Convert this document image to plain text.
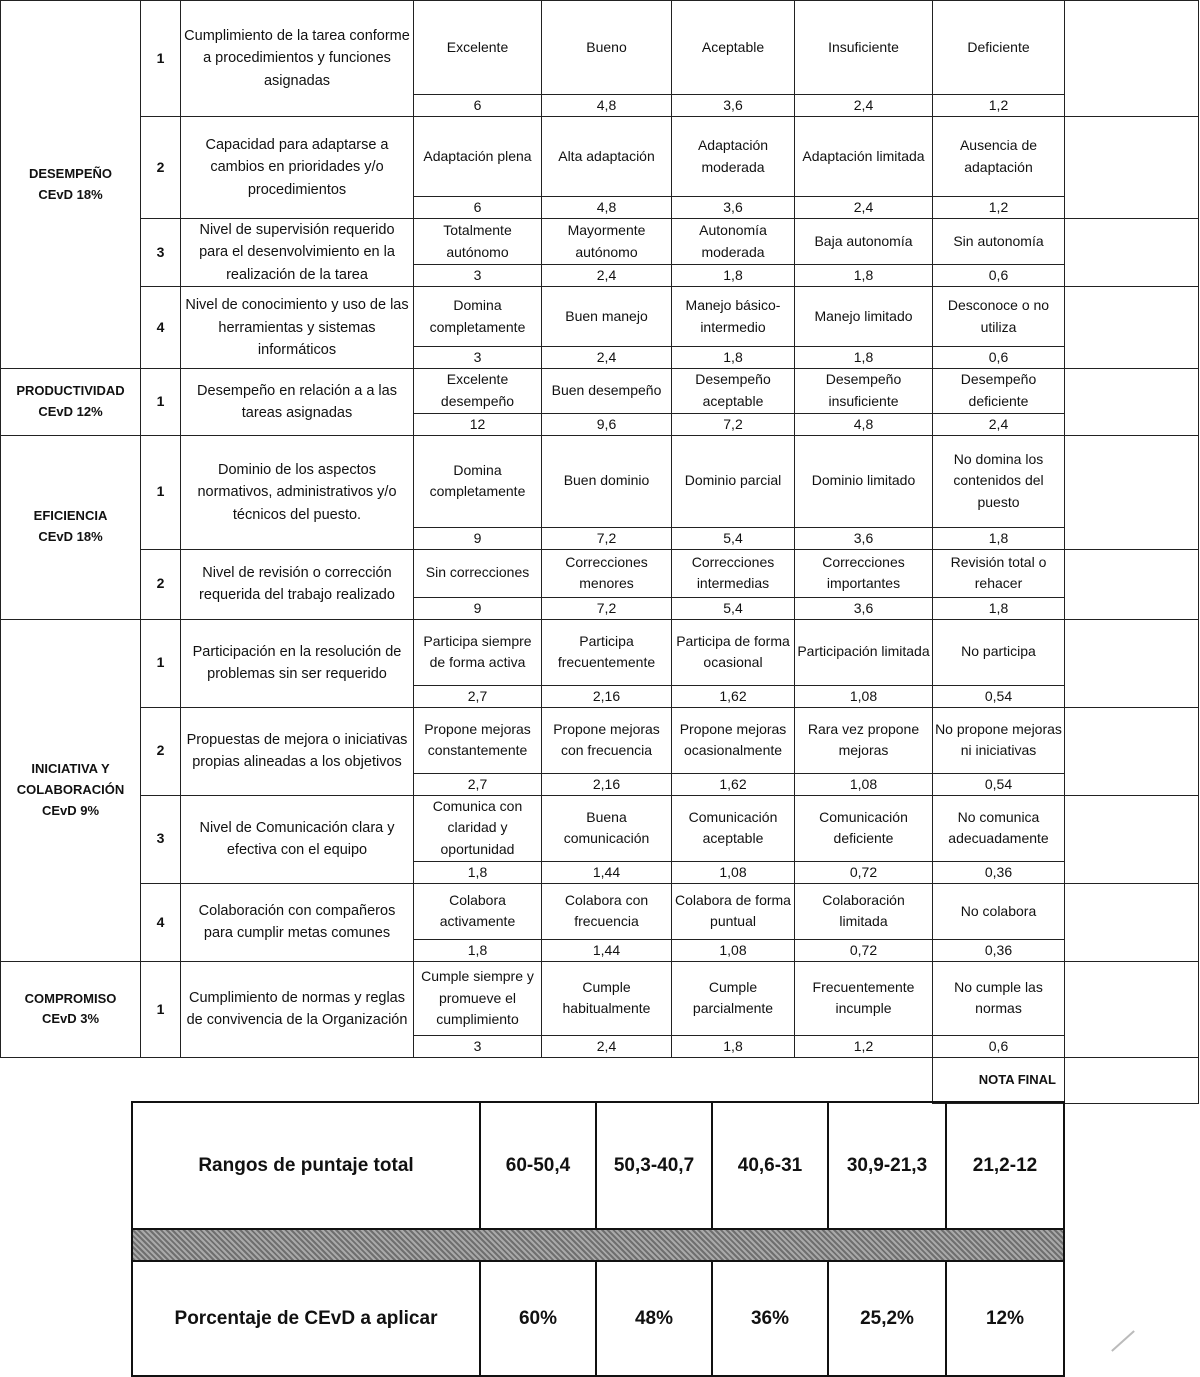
DESEMPEÑO
CEvD 18%	1	Cumplimiento de la tarea conforme a procedimientos y funciones asignadas	Excelente	Bueno	Aceptable	Insuficiente	Deficiente	
			6	4,8	3,6	2,4	1,2	
	2	Capacidad para adaptarse a cambios en prioridades y/o procedimientos	Adaptación plena	Alta adaptación	Adaptación moderada	Adaptación limitada	Ausencia de adaptación	
			6	4,8	3,6	2,4	1,2	
	3	Nivel de supervisión requerido para el desenvolvimiento en la realización de la tarea	Totalmente autónomo	Mayormente autónomo	Autonomía moderada	Baja autonomía	Sin autonomía	
			3	2,4	1,8	1,8	0,6	
	4	Nivel de conocimiento y uso de las herramientas y sistemas informáticos	Domina completamente	Buen manejo	Manejo básico-intermedio	Manejo limitado	Desconoce o no utiliza	
			3	2,4	1,8	1,8	0,6	
PRODUCTIVIDAD
CEvD 12%	1	Desempeño en relación a a las tareas asignadas	Excelente desempeño	Buen desempeño	Desempeño aceptable	Desempeño insuficiente	Desempeño deficiente	
			12	9,6	7,2	4,8	2,4	
EFICIENCIA
CEvD 18%	1	Dominio de los aspectos normativos, administrativos y/o técnicos del puesto.	Domina completamente	Buen dominio	Dominio parcial	Dominio limitado	No domina los contenidos del puesto	
			9	7,2	5,4	3,6	1,8	
	2	Nivel de revisión o corrección requerida del trabajo realizado	Sin correcciones	Correcciones menores	Correcciones intermedias	Correcciones importantes	Revisión total o rehacer	
			9	7,2	5,4	3,6	1,8	
INICIATIVA Y
COLABORACIÓN
CEvD 9%	1	Participación en la resolución de problemas sin ser requerido	Participa siempre de forma activa	Participa frecuentemente	Participa de forma ocasional	Participación limitada	No participa	
			2,7	2,16	1,62	1,08	0,54	
	2	Propuestas de mejora o iniciativas propias alineadas a los objetivos	Propone mejoras constantemente	Propone mejoras con frecuencia	Propone mejoras ocasionalmente	Rara vez propone mejoras	No propone mejoras ni iniciativas	
			2,7	2,16	1,62	1,08	0,54	
	3	Nivel de Comunicación clara y efectiva con el equipo	Comunica con claridad y oportunidad	Buena comunicación	Comunicación aceptable	Comunicación deficiente	No comunica adecuadamente	
			1,8	1,44	1,08	0,72	0,36	
	4	Colaboración con compañeros para cumplir metas comunes	Colabora activamente	Colabora con frecuencia	Colabora de forma puntual	Colaboración limitada	No colabora	
			1,8	1,44	1,08	0,72	0,36	
COMPROMISO
CEvD 3%	1	Cumplimiento de normas y reglas de convivencia de la Organización	Cumple siempre y promueve el cumplimiento	Cumple habitualmente	Cumple parcialmente	Frecuentemente incumple	No cumple las normas	
			3	2,4	1,8	1,2	0,6	
							NOTA FINAL	
Rangos de puntaje total	60-50,4	50,3-40,7	40,6-31	30,9-21,3	21,2-12

Porcentaje de CEvD a aplicar	60%	48%	36%	25,2%	12%
